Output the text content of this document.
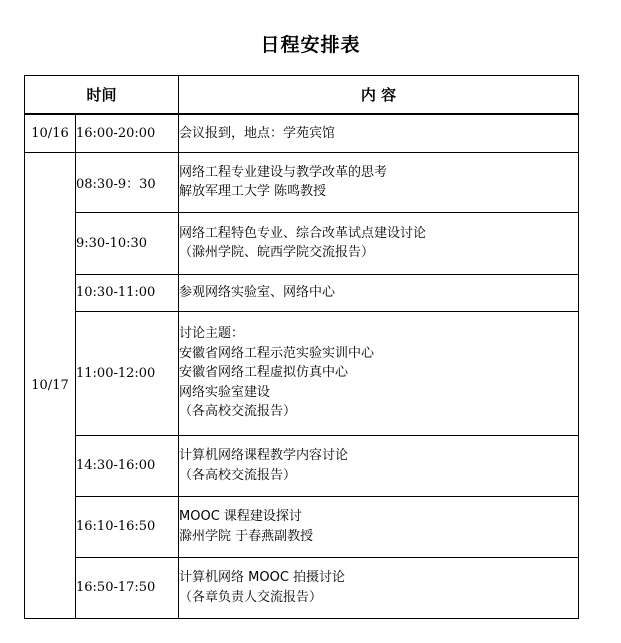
日程安排表
时间		内 容
10/16	16:00-20:00	会议报到，地点：学苑宾馆

10/17	08:30-9：30	网络工程专业建设与教学改革的思考
解放军理工大学 陈鸣教授

	9:30-10:30	网络工程特色专业、综合改革试点建设讨论
（滁州学院、皖西学院交流报告）

	10:30-11:00	参观网络实验室、网络中心

	11:00-12:00	讨论主题：
安徽省网络工程示范实验实训中心
安徽省网络工程虚拟仿真中心
网络实验室建设
（各高校交流报告）

	14:30-16:00	计算机网络课程教学内容讨论
（各高校交流报告）

	16:10-16:50	MOOC 课程建设探讨
滁州学院 于春燕副教授

	16:50-17:50	计算机网络 MOOC 拍摄讨论
（各章负责人交流报告）
